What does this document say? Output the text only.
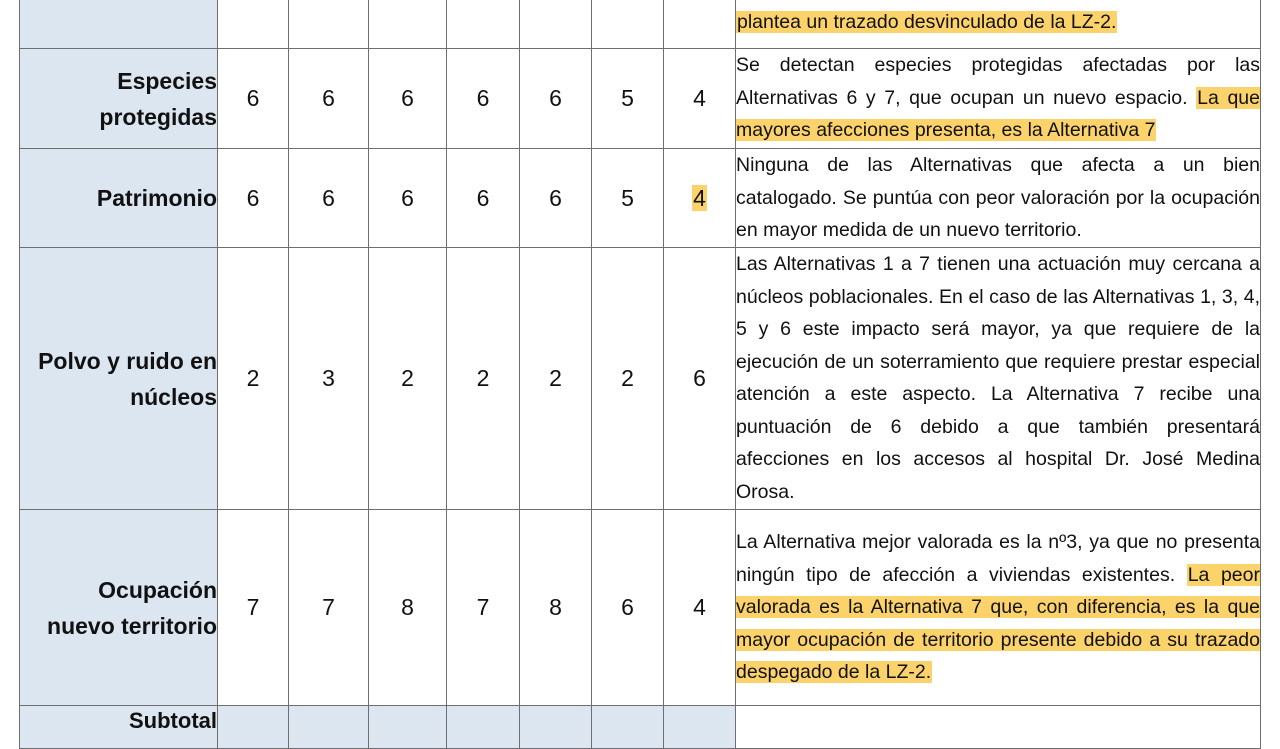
								plantea un trazado desvinculado de la LZ-2.

Especies
protegidas	6	6	6	6	6	5	4	Se detectan especies protegidas afectadas por las Alternativas 6 y 7, que ocupan un nuevo espacio. La que mayores afecciones presenta, es la Alternativa 7

Patrimonio	6	6	6	6	6	5	4	Ninguna de las Alternativas que afecta a un bien catalogado. Se puntúa con peor valoración por la ocupación en mayor medida de un nuevo territorio.

Polvo y ruido en
núcleos	2	3	2	2	2	2	6	Las Alternativas 1 a 7 tienen una actuación muy cercana a núcleos poblacionales. En el caso de las Alternativas 1, 3, 4, 5 y 6 este impacto será mayor, ya que requiere de la ejecución de un soterramiento que requiere prestar especial atención a este aspecto. La Alternativa 7 recibe una puntuación de 6 debido a que también presentará afecciones en los accesos al hospital Dr. José Medina Orosa.

Ocupación
nuevo territorio	7	7	8	7	8	6	4	La Alternativa mejor valorada es la nº3, ya que no presenta ningún tipo de afección a viviendas existentes. La peor valorada es la Alternativa 7 que, con diferencia, es la que mayor ocupación de territorio presente debido a su trazado despegado de la LZ-2.
Subtotal								
